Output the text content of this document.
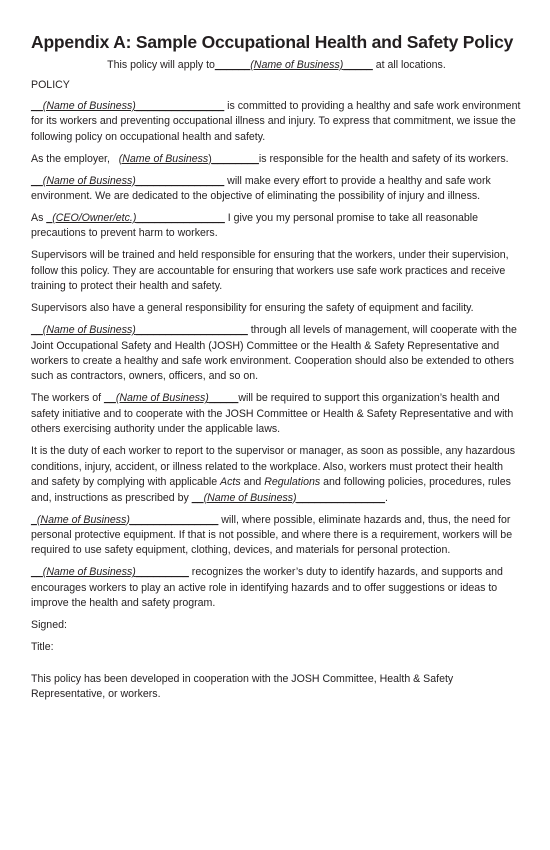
Appendix A: Sample Occupational Health and Safety Policy
This policy will apply to______(Name of Business)_____ at all locations.
POLICY

__(Name of Business)_______________ is committed to providing a healthy and safe work environment for its workers and preventing occupational illness and injury. To express that commitment, we issue the following policy on occupational health and safety.

As the employer,   (Name of Business)________is responsible for the health and safety of its workers.

__(Name of Business)_______________ will make every effort to provide a healthy and safe work environment. We are dedicated to the objective of eliminating the possibility of injury and illness.

As _(CEO/Owner/etc.)_______________ I give you my personal promise to take all reasonable precautions to prevent harm to workers.

Supervisors will be trained and held responsible for ensuring that the workers, under their supervision, follow this policy. They are accountable for ensuring that workers use safe work practices and receive training to protect their health and safety.

Supervisors also have a general responsibility for ensuring the safety of equipment and facility.

__(Name of Business)___________________ through all levels of management, will cooperate with the Joint Occupational Safety and Health (JOSH) Committee or the Health & Safety Representative and workers to create a healthy and safe work environment. Cooperation should also be extended to others such as contractors, owners, officers, and so on.

The workers of __(Name of Business)_____will be required to support this organization’s health and safety initiative and to cooperate with the JOSH Committee or Health & Safety Representative and with others exercising authority under the applicable laws.

It is the duty of each worker to report to the supervisor or manager, as soon as possible, any hazardous conditions, injury, accident, or illness related to the workplace. Also, workers must protect their health and safety by complying with applicable Acts and Regulations and following policies, procedures, rules and, instructions as prescribed by __(Name of Business)_______________.

_(Name of Business)_______________ will, where possible, eliminate hazards and, thus, the need for personal protective equipment. If that is not possible, and where there is a requirement, workers will be required to use safety equipment, clothing, devices, and materials for personal protection.

__(Name of Business)_________ recognizes the worker’s duty to identify hazards, and supports and encourages workers to play an active role in identifying hazards and to offer suggestions or ideas to improve the health and safety program.

Signed:
Title:

This policy has been developed in cooperation with the JOSH Committee, Health & Safety Representative, or workers.
